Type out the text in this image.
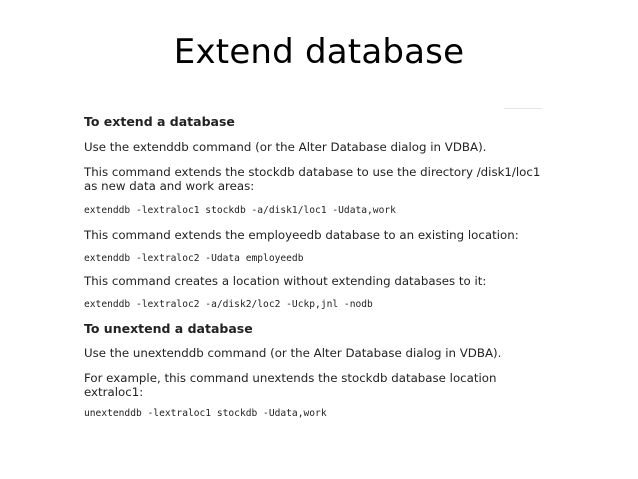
Extend database
To extend a database
Use the extenddb command (or the Alter Database dialog in VDBA).
This command extends the stockdb database to use the directory /disk1/loc1
as new data and work areas:
extenddb -lextraloc1 stockdb -a/disk1/loc1 -Udata,work
This command extends the employeedb database to an existing location:
extenddb -lextraloc2 -Udata employeedb
This command creates a location without extending databases to it:
extenddb -lextraloc2 -a/disk2/loc2 -Uckp,jnl -nodb
To unextend a database
Use the unextenddb command (or the Alter Database dialog in VDBA).
For example, this command unextends the stockdb database location
extraloc1:
unextenddb -lextraloc1 stockdb -Udata,work
